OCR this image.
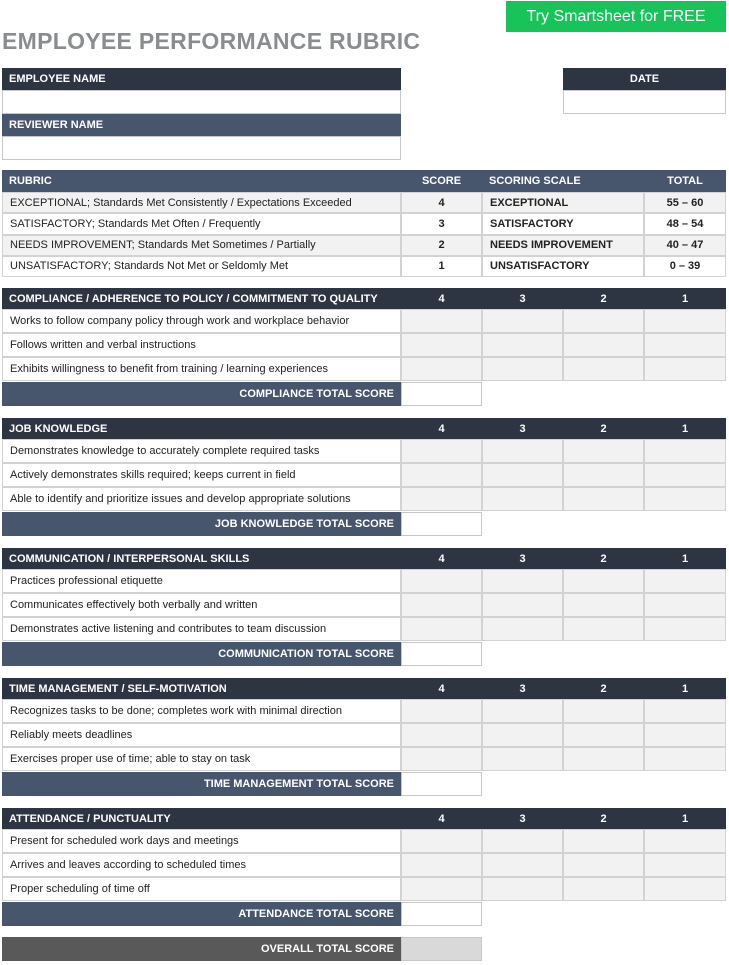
Try Smartsheet for FREE
EMPLOYEE PERFORMANCE RUBRIC
EMPLOYEE NAME
REVIEWER NAME
DATE
RUBRIC	SCORE	SCORING SCALE	TOTAL
EXCEPTIONAL; Standards Met Consistently / Expectations Exceeded	4	EXCEPTIONAL	55 – 60
SATISFACTORY; Standards Met Often / Frequently	3	SATISFACTORY	48 – 54
NEEDS IMPROVEMENT; Standards Met Sometimes / Partially	2	NEEDS IMPROVEMENT	40 – 47
UNSATISFACTORY; Standards Not Met or Seldomly Met	1	UNSATISFACTORY	0 – 39
COMPLIANCE / ADHERENCE TO POLICY / COMMITMENT TO QUALITY	4	3	2	1
Works to follow company policy through work and workplace behavior
Follows written and verbal instructions
Exhibits willingness to benefit from training / learning experiences
COMPLIANCE TOTAL SCORE
JOB KNOWLEDGE	4	3	2	1
Demonstrates knowledge to accurately complete required tasks
Actively demonstrates skills required; keeps current in field
Able to identify and prioritize issues and develop appropriate solutions
JOB KNOWLEDGE TOTAL SCORE
COMMUNICATION / INTERPERSONAL SKILLS	4	3	2	1
Practices professional etiquette
Communicates effectively both verbally and written
Demonstrates active listening and contributes to team discussion
COMMUNICATION TOTAL SCORE
TIME MANAGEMENT / SELF-MOTIVATION	4	3	2	1
Recognizes tasks to be done; completes work with minimal direction
Reliably meets deadlines
Exercises proper use of time; able to stay on task
TIME MANAGEMENT TOTAL SCORE
ATTENDANCE / PUNCTUALITY	4	3	2	1
Present for scheduled work days and meetings
Arrives and leaves according to scheduled times
Proper scheduling of time off
ATTENDANCE TOTAL SCORE
OVERALL TOTAL SCORE
